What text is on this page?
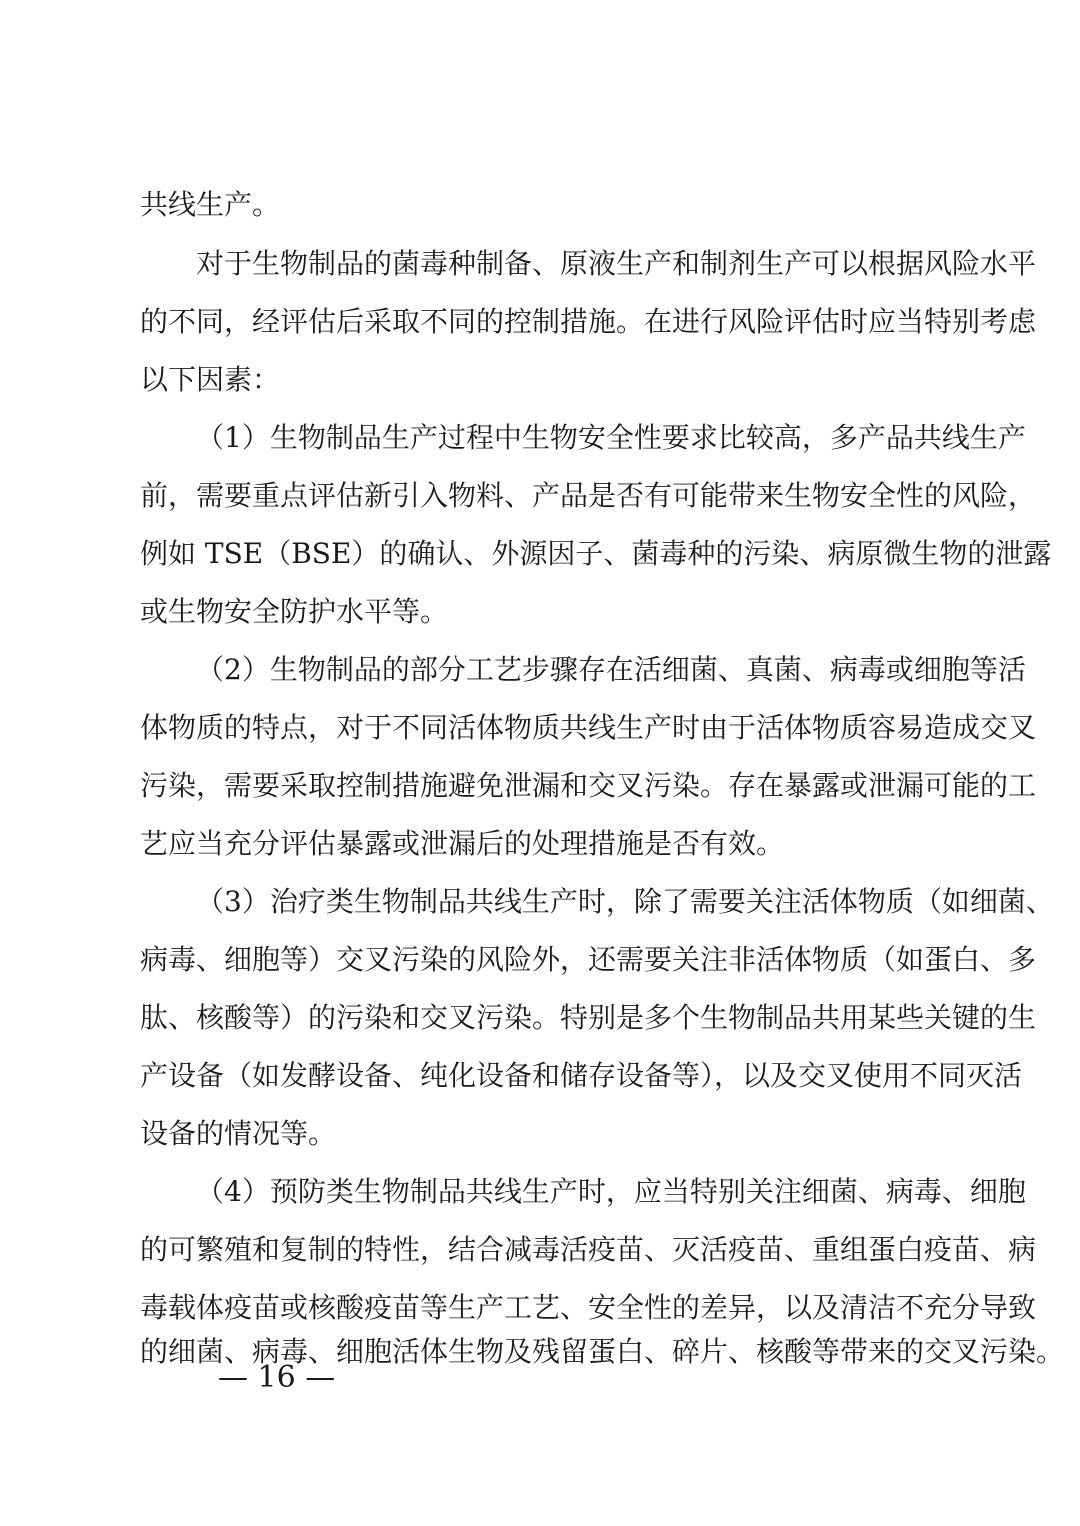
共线生产。
对于生物制品的菌毒种制备、原液生产和制剂生产可以根据风险水平
的不同，经评估后采取不同的控制措施。在进行风险评估时应当特别考虑
以下因素：
（1）生物制品生产过程中生物安全性要求比较高，多产品共线生产
前，需要重点评估新引入物料、产品是否有可能带来生物安全性的风险，
例如 TSE（BSE）的确认、外源因子、菌毒种的污染、病原微生物的泄露
或生物安全防护水平等。
（2）生物制品的部分工艺步骤存在活细菌、真菌、病毒或细胞等活
体物质的特点，对于不同活体物质共线生产时由于活体物质容易造成交叉
污染，需要采取控制措施避免泄漏和交叉污染。存在暴露或泄漏可能的工
艺应当充分评估暴露或泄漏后的处理措施是否有效。
（3）治疗类生物制品共线生产时，除了需要关注活体物质（如细菌、
病毒、细胞等）交叉污染的风险外，还需要关注非活体物质（如蛋白、多
肽、核酸等）的污染和交叉污染。特别是多个生物制品共用某些关键的生
产设备（如发酵设备、纯化设备和储存设备等），以及交叉使用不同灭活
设备的情况等。
（4）预防类生物制品共线生产时，应当特别关注细菌、病毒、细胞
的可繁殖和复制的特性，结合减毒活疫苗、灭活疫苗、重组蛋白疫苗、病
毒载体疫苗或核酸疫苗等生产工艺、安全性的差异，以及清洁不充分导致
的细菌、病毒、细胞活体生物及残留蛋白、碎片、核酸等带来的交叉污染。
— 16 —
